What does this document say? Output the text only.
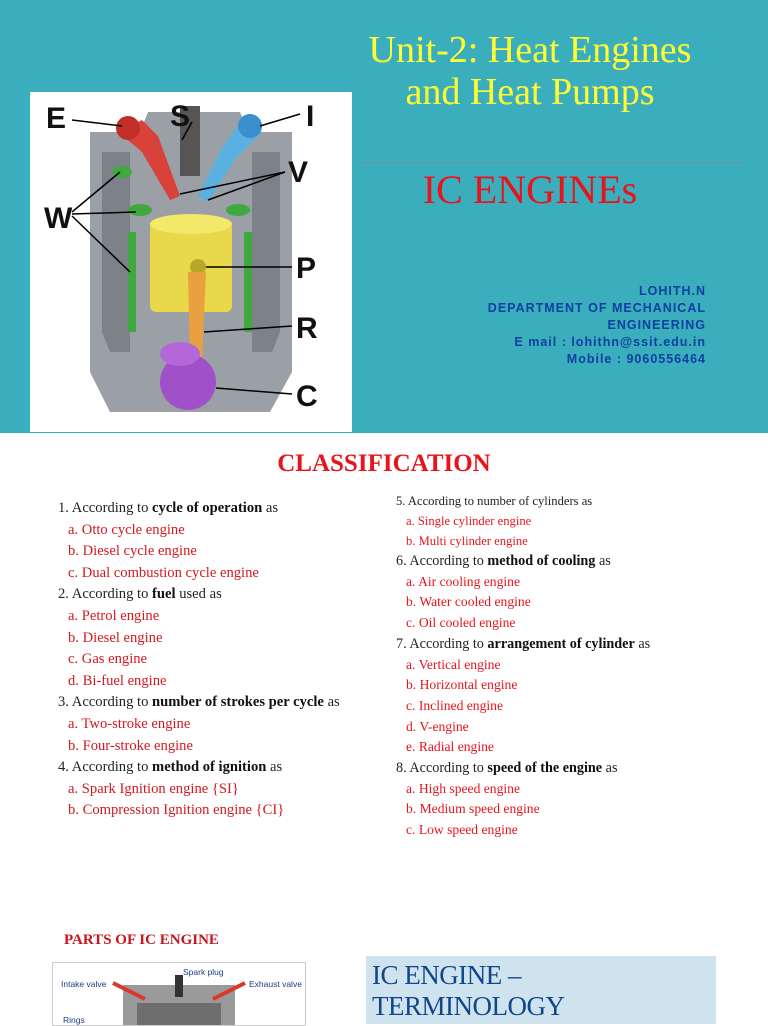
E	S	I
V
W
P
R
C
Unit-2: Heat Engines and Heat Pumps
IC ENGINEs
LOHITH.N
DEPARTMENT OF MECHANICAL
ENGINEERING
E mail : lohithn@ssit.edu.in
Mobile : 9060556464
CLASSIFICATION
1. According to cycle of operation as
a. Otto cycle engine
b. Diesel cycle engine
c. Dual combustion cycle engine
2. According to fuel used as
a. Petrol engine
b. Diesel engine
c. Gas engine
d. Bi-fuel engine
3. According to number of strokes per cycle as
a. Two-stroke engine
b. Four-stroke engine
4. According to method of ignition as
a. Spark Ignition engine {SI}
b. Compression Ignition engine {CI}
5. According to number of cylinders as
a. Single cylinder engine
b. Multi cylinder engine
6. According to method of cooling as
a. Air cooling engine
b. Water cooled engine
c. Oil cooled engine
7. According to arrangement of cylinder as
a. Vertical engine
b. Horizontal engine
c. Inclined engine
d. V-engine
e. Radial engine
8. According to speed of the engine as
a. High speed engine
b. Medium speed engine
c. Low speed engine
PARTS OF IC ENGINE
Intake valve
Spark plug
Exhaust valve
Rings
IC ENGINE – TERMINOLOGY
